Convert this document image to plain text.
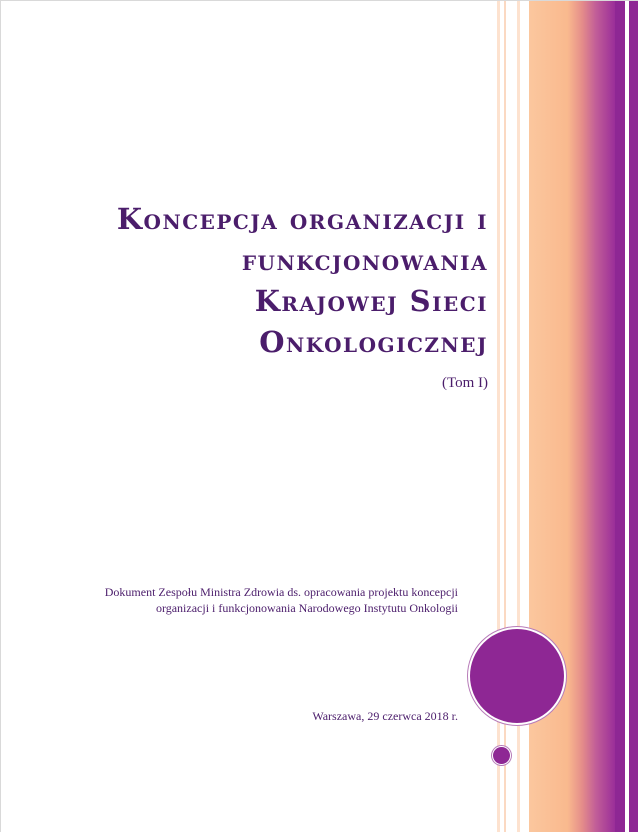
Koncepcja organizacji i
funkcjonowania
Krajowej Sieci
Onkologicznej

(Tom I)

Dokument Zespołu Ministra Zdrowia ds. opracowania projektu koncepcji
organizacji i funkcjonowania Narodowego Instytutu Onkologii

Warszawa, 29 czerwca 2018 r.
